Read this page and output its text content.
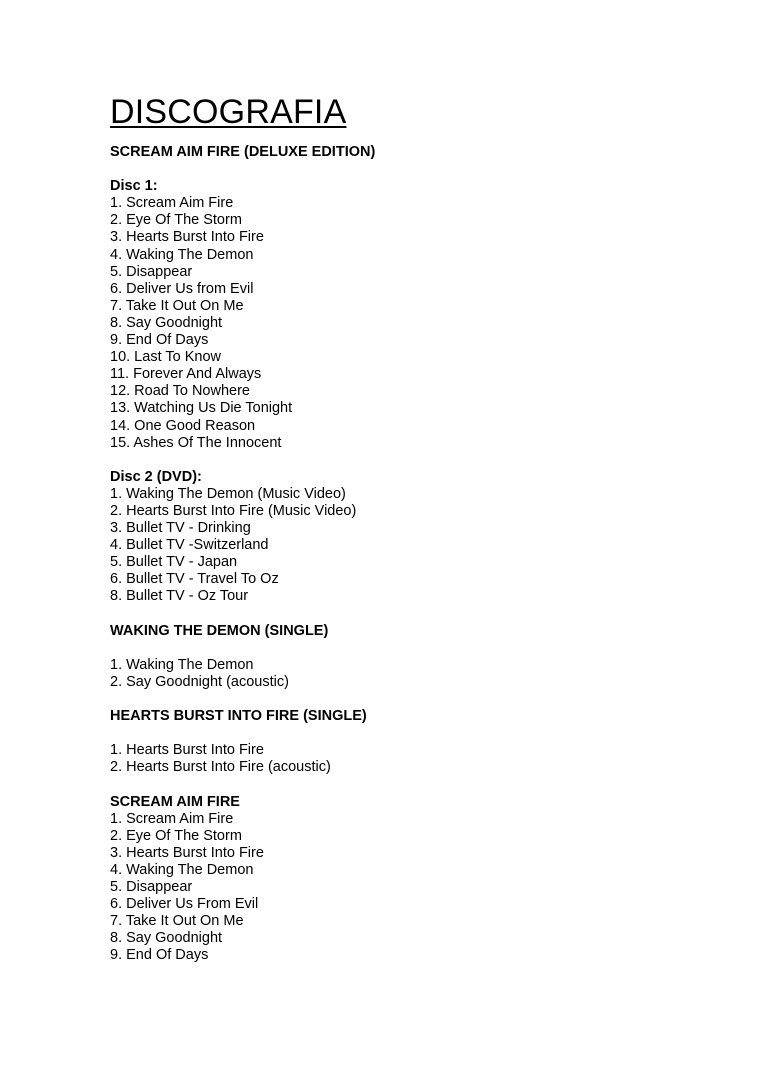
DISCOGRAFIA
SCREAM AIM FIRE (DELUXE EDITION)
Disc 1:
1. Scream Aim Fire
2. Eye Of The Storm
3. Hearts Burst Into Fire
4. Waking The Demon
5. Disappear
6. Deliver Us from Evil
7. Take It Out On Me
8. Say Goodnight
9. End Of Days
10. Last To Know
11. Forever And Always
12. Road To Nowhere
13. Watching Us Die Tonight
14. One Good Reason
15. Ashes Of The Innocent
Disc 2 (DVD):
1. Waking The Demon (Music Video)
2. Hearts Burst Into Fire (Music Video)
3. Bullet TV - Drinking
4. Bullet TV -Switzerland
5. Bullet TV - Japan
6. Bullet TV - Travel To Oz
8. Bullet TV - Oz Tour
WAKING THE DEMON (SINGLE)
1. Waking The Demon
2. Say Goodnight (acoustic)
HEARTS BURST INTO FIRE (SINGLE)
1. Hearts Burst Into Fire
2. Hearts Burst Into Fire (acoustic)
SCREAM AIM FIRE
1. Scream Aim Fire
2. Eye Of The Storm
3. Hearts Burst Into Fire
4. Waking The Demon
5. Disappear
6. Deliver Us From Evil
7. Take It Out On Me
8. Say Goodnight
9. End Of Days
